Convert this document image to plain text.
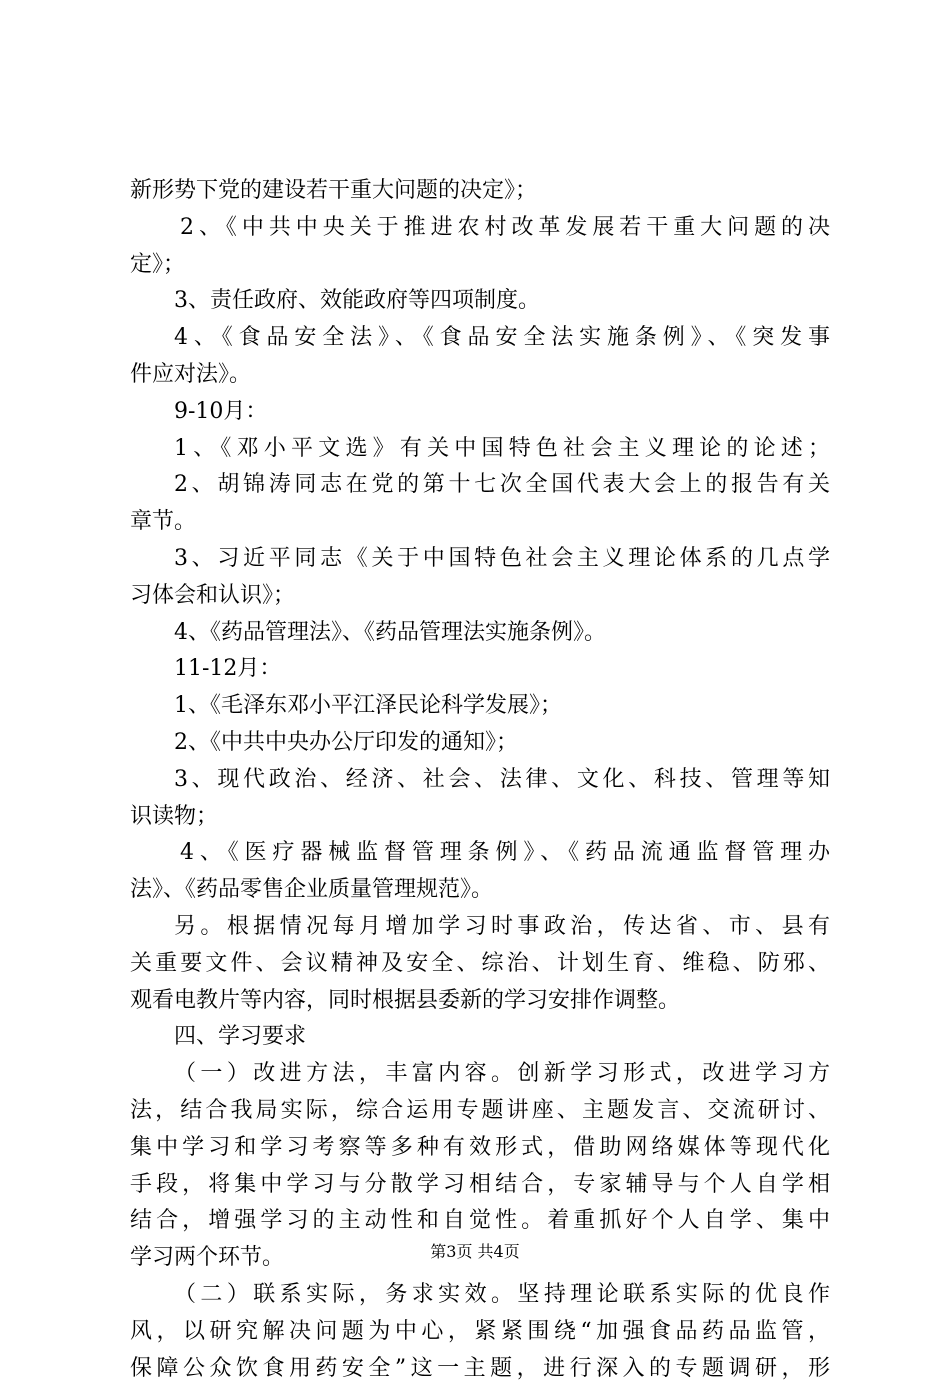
新形势下党的建设若干重大问题的决定》；
2、《中共中央关于推进农村改革发展若干重大问题的决
定》；
3、责任政府、效能政府等四项制度。
4、《食品安全法》、《食品安全法实施条例》、《突发事
件应对法》。
9-10月：
1、《邓小平文选》有关中国特色社会主义理论的论述；
2、胡锦涛同志在党的第十七次全国代表大会上的报告有关
章节。
3、习近平同志《关于中国特色社会主义理论体系的几点学
习体会和认识》；
4、《药品管理法》、《药品管理法实施条例》。
11-12月：
1、《毛泽东邓小平江泽民论科学发展》；
2、《中共中央办公厅印发的通知》；
3、现代政治、经济、社会、法律、文化、科技、管理等知
识读物；
4、《医疗器械监督管理条例》、《药品流通监督管理办
法》、《药品零售企业质量管理规范》。
另。根据情况每月增加学习时事政治，传达省、市、县有
关重要文件、会议精神及安全、综治、计划生育、维稳、防邪、
观看电教片等内容，同时根据县委新的学习安排作调整。
四、学习要求
（一）改进方法，丰富内容。创新学习形式，改进学习方
法，结合我局实际，综合运用专题讲座、主题发言、交流研讨、
集中学习和学习考察等多种有效形式，借助网络媒体等现代化
手段，将集中学习与分散学习相结合，专家辅导与个人自学相
结合，增强学习的主动性和自觉性。着重抓好个人自学、集中
学习两个环节。
（二）联系实际，务求实效。坚持理论联系实际的优良作
风，以研究解决问题为中心，紧紧围绕“加强食品药品监管，
保障公众饮食用药安全”这一主题，进行深入的专题调研，形
第3页 共4页
